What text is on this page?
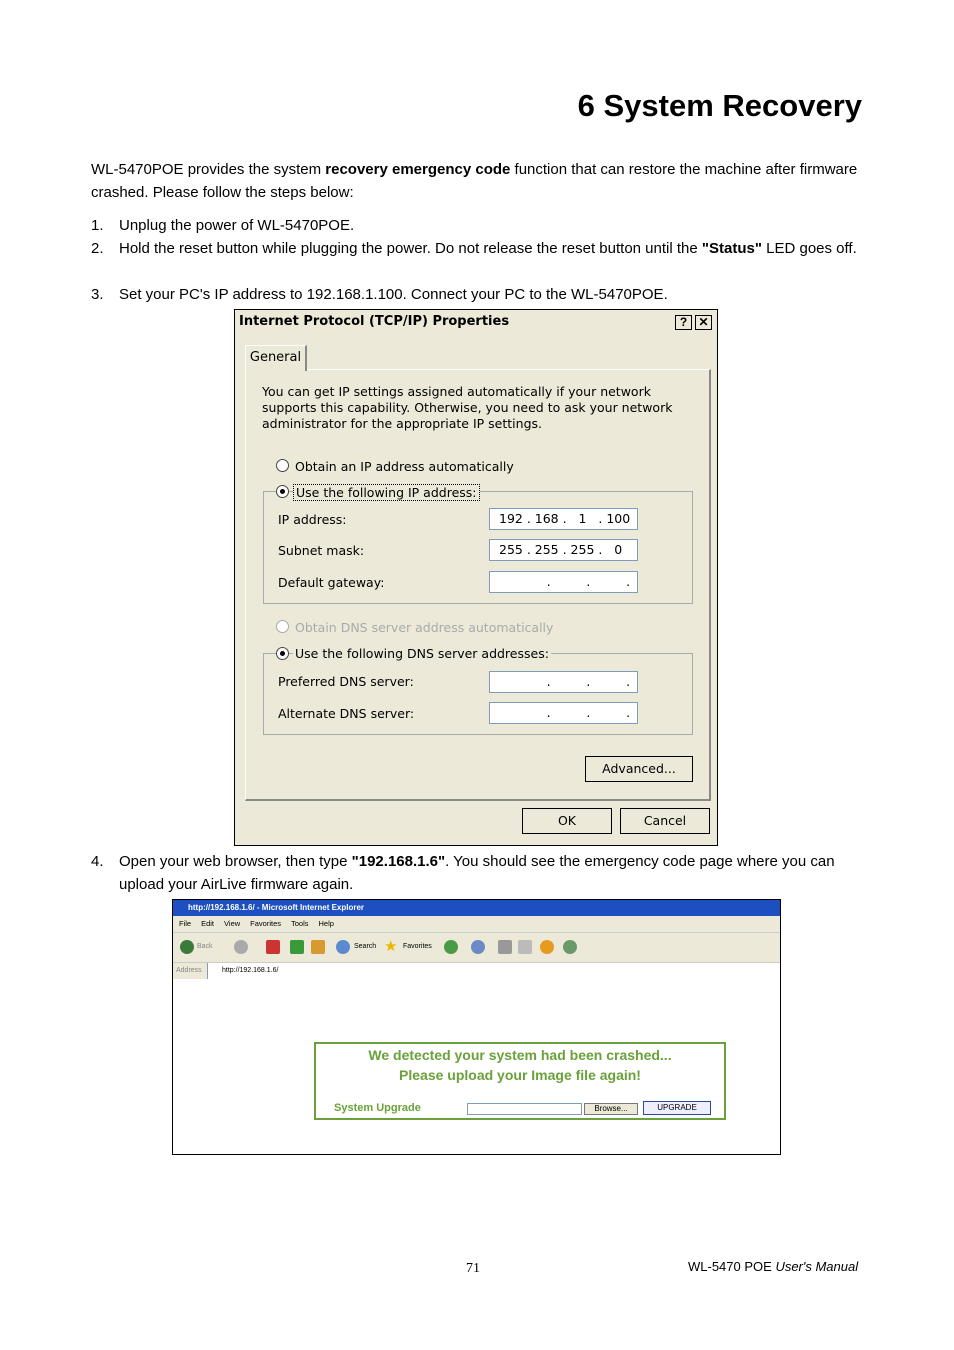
6 System Recovery
WL-5470POE provides the system recovery emergency code function that can restore the machine after firmware crashed. Please follow the steps below:
1. Unplug the power of WL-5470POE.
2. Hold the reset button while plugging the power. Do not release the reset button until the "Status" LED goes off.
3. Set your PC's IP address to 192.168.1.100. Connect your PC to the WL-5470POE.
Internet Protocol (TCP/IP) Properties	? ✕
General
You can get IP settings assigned automatically if your network supports this capability. Otherwise, you need to ask your network administrator for the appropriate IP settings.
Obtain an IP address automatically
Use the following IP address:
IP address:	192 . 168 .   1   . 100
Subnet mask:	255 . 255 . 255 .   0
Default gateway:	.         .         .
Obtain DNS server address automatically
Use the following DNS server addresses:
Preferred DNS server:	.         .         .
Alternate DNS server:	.         .         .
Advanced...
OK	Cancel
4. Open your web browser, then type "192.168.1.6". You should see the emergency code page where you can upload your AirLive firmware again.
http://192.168.1.6/ - Microsoft Internet Explorer
File Edit View Favorites Tools Help
Back	Search ★ Favorites
Address	http://192.168.1.6/
We detected your system had been crashed...
Please upload your Image file again!
System Upgrade	Browse...	UPGRADE
71	WL-5470 POE User's Manual
